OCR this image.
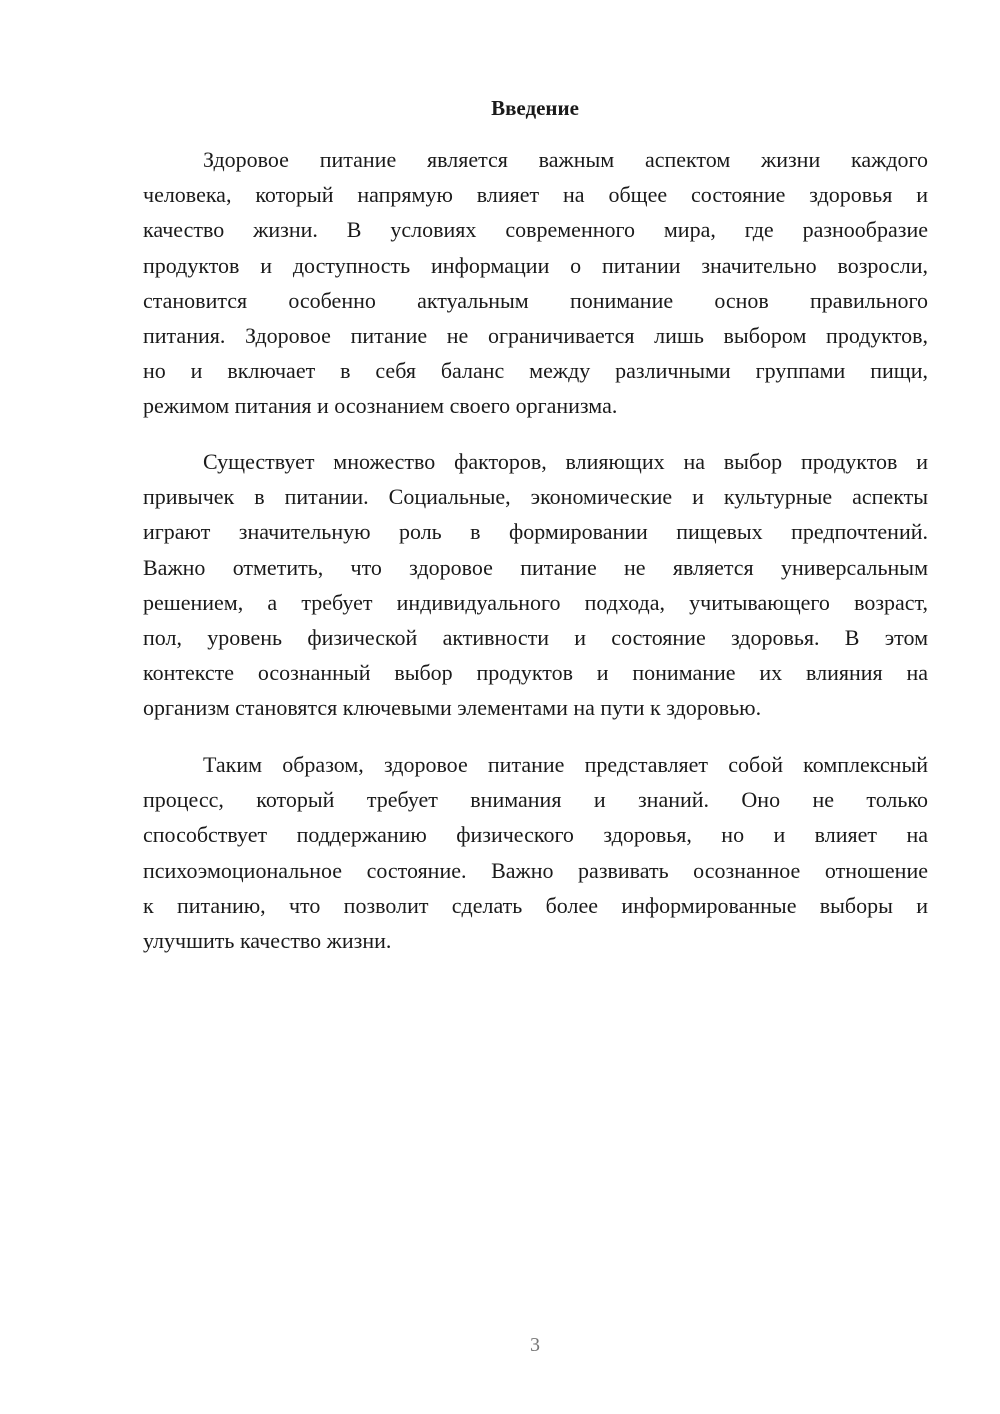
Введение
Здоровое питание является важным аспектом жизни каждого
человека, который напрямую влияет на общее состояние здоровья и
качество жизни. В условиях современного мира, где разнообразие
продуктов и доступность информации о питании значительно возросли,
становится особенно актуальным понимание основ правильного
питания. Здоровое питание не ограничивается лишь выбором продуктов,
но и включает в себя баланс между различными группами пищи,
режимом питания и осознанием своего организма.
Существует множество факторов, влияющих на выбор продуктов и
привычек в питании. Социальные, экономические и культурные аспекты
играют значительную роль в формировании пищевых предпочтений.
Важно отметить, что здоровое питание не является универсальным
решением, а требует индивидуального подхода, учитывающего возраст,
пол, уровень физической активности и состояние здоровья. В этом
контексте осознанный выбор продуктов и понимание их влияния на
организм становятся ключевыми элементами на пути к здоровью.
Таким образом, здоровое питание представляет собой комплексный
процесс, который требует внимания и знаний. Оно не только
способствует поддержанию физического здоровья, но и влияет на
психоэмоциональное состояние. Важно развивать осознанное отношение
к питанию, что позволит сделать более информированные выборы и
улучшить качество жизни.
3
